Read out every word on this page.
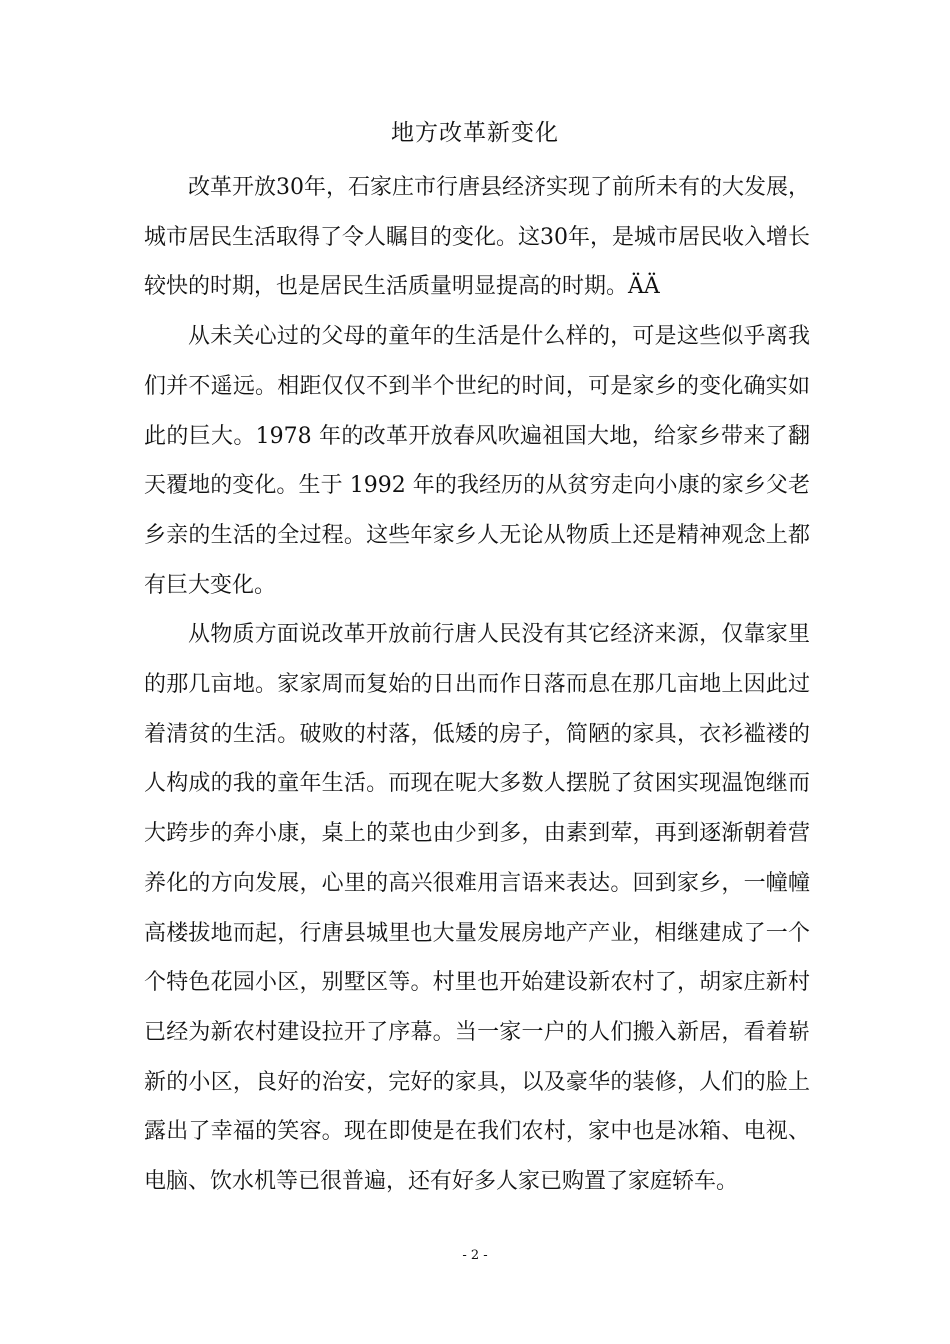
地方改革新变化

改革开放30年，石家庄市行唐县经济实现了前所未有的大发展，城市居民生活取得了令人瞩目的变化。这30年，是城市居民收入增长较快的时期，也是居民生活质量明显提高的时期。ÄÄ

从未关心过的父母的童年的生活是什么样的，可是这些似乎离我们并不遥远。相距仅仅不到半个世纪的时间，可是家乡的变化确实如此的巨大。1978 年的改革开放春风吹遍祖国大地，给家乡带来了翻天覆地的变化。生于 1992 年的我经历的从贫穷走向小康的家乡父老乡亲的生活的全过程。这些年家乡人无论从物质上还是精神观念上都有巨大变化。

从物质方面说改革开放前行唐人民没有其它经济来源，仅靠家里的那几亩地。家家周而复始的日出而作日落而息在那几亩地上因此过着清贫的生活。破败的村落，低矮的房子，简陋的家具，衣衫褴褛的人构成的我的童年生活。而现在呢大多数人摆脱了贫困实现温饱继而大跨步的奔小康，桌上的菜也由少到多，由素到荤，再到逐渐朝着营养化的方向发展，心里的高兴很难用言语来表达。回到家乡，一幢幢高楼拔地而起，行唐县城里也大量发展房地产产业，相继建成了一个个特色花园小区，别墅区等。村里也开始建设新农村了，胡家庄新村已经为新农村建设拉开了序幕。当一家一户的人们搬入新居，看着崭新的小区，良好的治安，完好的家具，以及豪华的装修，人们的脸上露出了幸福的笑容。现在即使是在我们农村，家中也是冰箱、电视、电脑、饮水机等已很普遍，还有好多人家已购置了家庭轿车。

- 2 -
